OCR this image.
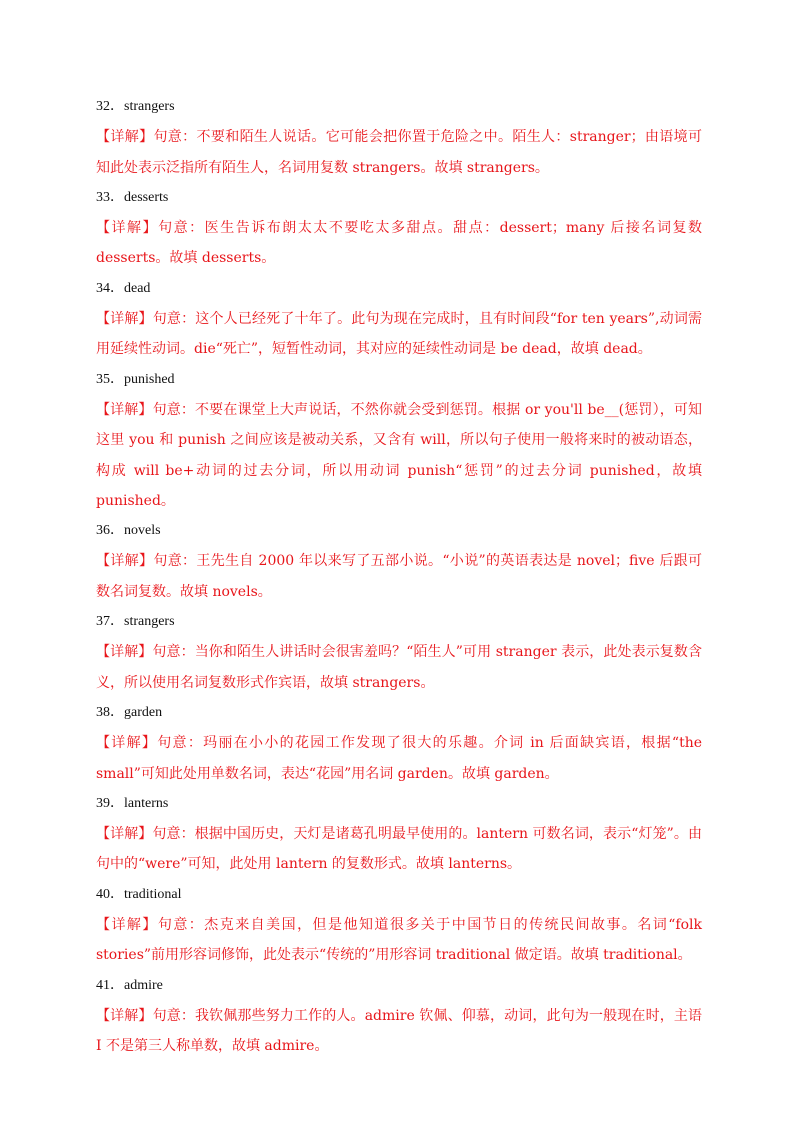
32．strangers
【详解】句意：不要和陌生人说话。它可能会把你置于危险之中。陌生人：stranger；由语境可知此处表示泛指所有陌生人，名词用复数 strangers。故填 strangers。
33．desserts
【详解】句意：医生告诉布朗太太不要吃太多甜点。甜点：dessert；many 后接名词复数 desserts。故填 desserts。
34．dead
【详解】句意：这个人已经死了十年了。此句为现在完成时，且有时间段“for ten years”,动词需用延续性动词。die“死亡”，短暂性动词，其对应的延续性动词是 be dead，故填 dead。
35．punished
【详解】句意：不要在课堂上大声说话，不然你就会受到惩罚。根据 or you'll be__(惩罚），可知这里 you 和 punish 之间应该是被动关系，又含有 will，所以句子使用一般将来时的被动语态，构成 will be+动词的过去分词，所以用动词 punish“惩罚”的过去分词 punished，故填 punished。
36．novels
【详解】句意：王先生自 2000 年以来写了五部小说。“小说”的英语表达是 novel；five 后跟可数名词复数。故填 novels。
37．strangers
【详解】句意：当你和陌生人讲话时会很害羞吗？“陌生人”可用 stranger 表示，此处表示复数含义，所以使用名词复数形式作宾语，故填 strangers。
38．garden
【详解】句意：玛丽在小小的花园工作发现了很大的乐趣。介词 in 后面缺宾语，根据“the small”可知此处用单数名词，表达“花园”用名词 garden。故填 garden。
39．lanterns
【详解】句意：根据中国历史，天灯是诸葛孔明最早使用的。lantern 可数名词，表示“灯笼”。由句中的“were”可知，此处用 lantern 的复数形式。故填 lanterns。
40．traditional
【详解】句意：杰克来自美国，但是他知道很多关于中国节日的传统民间故事。名词“folk stories”前用形容词修饰，此处表示“传统的”用形容词 traditional 做定语。故填 traditional。
41．admire
【详解】句意：我钦佩那些努力工作的人。admire 钦佩、仰慕，动词，此句为一般现在时，主语 I 不是第三人称单数，故填 admire。
